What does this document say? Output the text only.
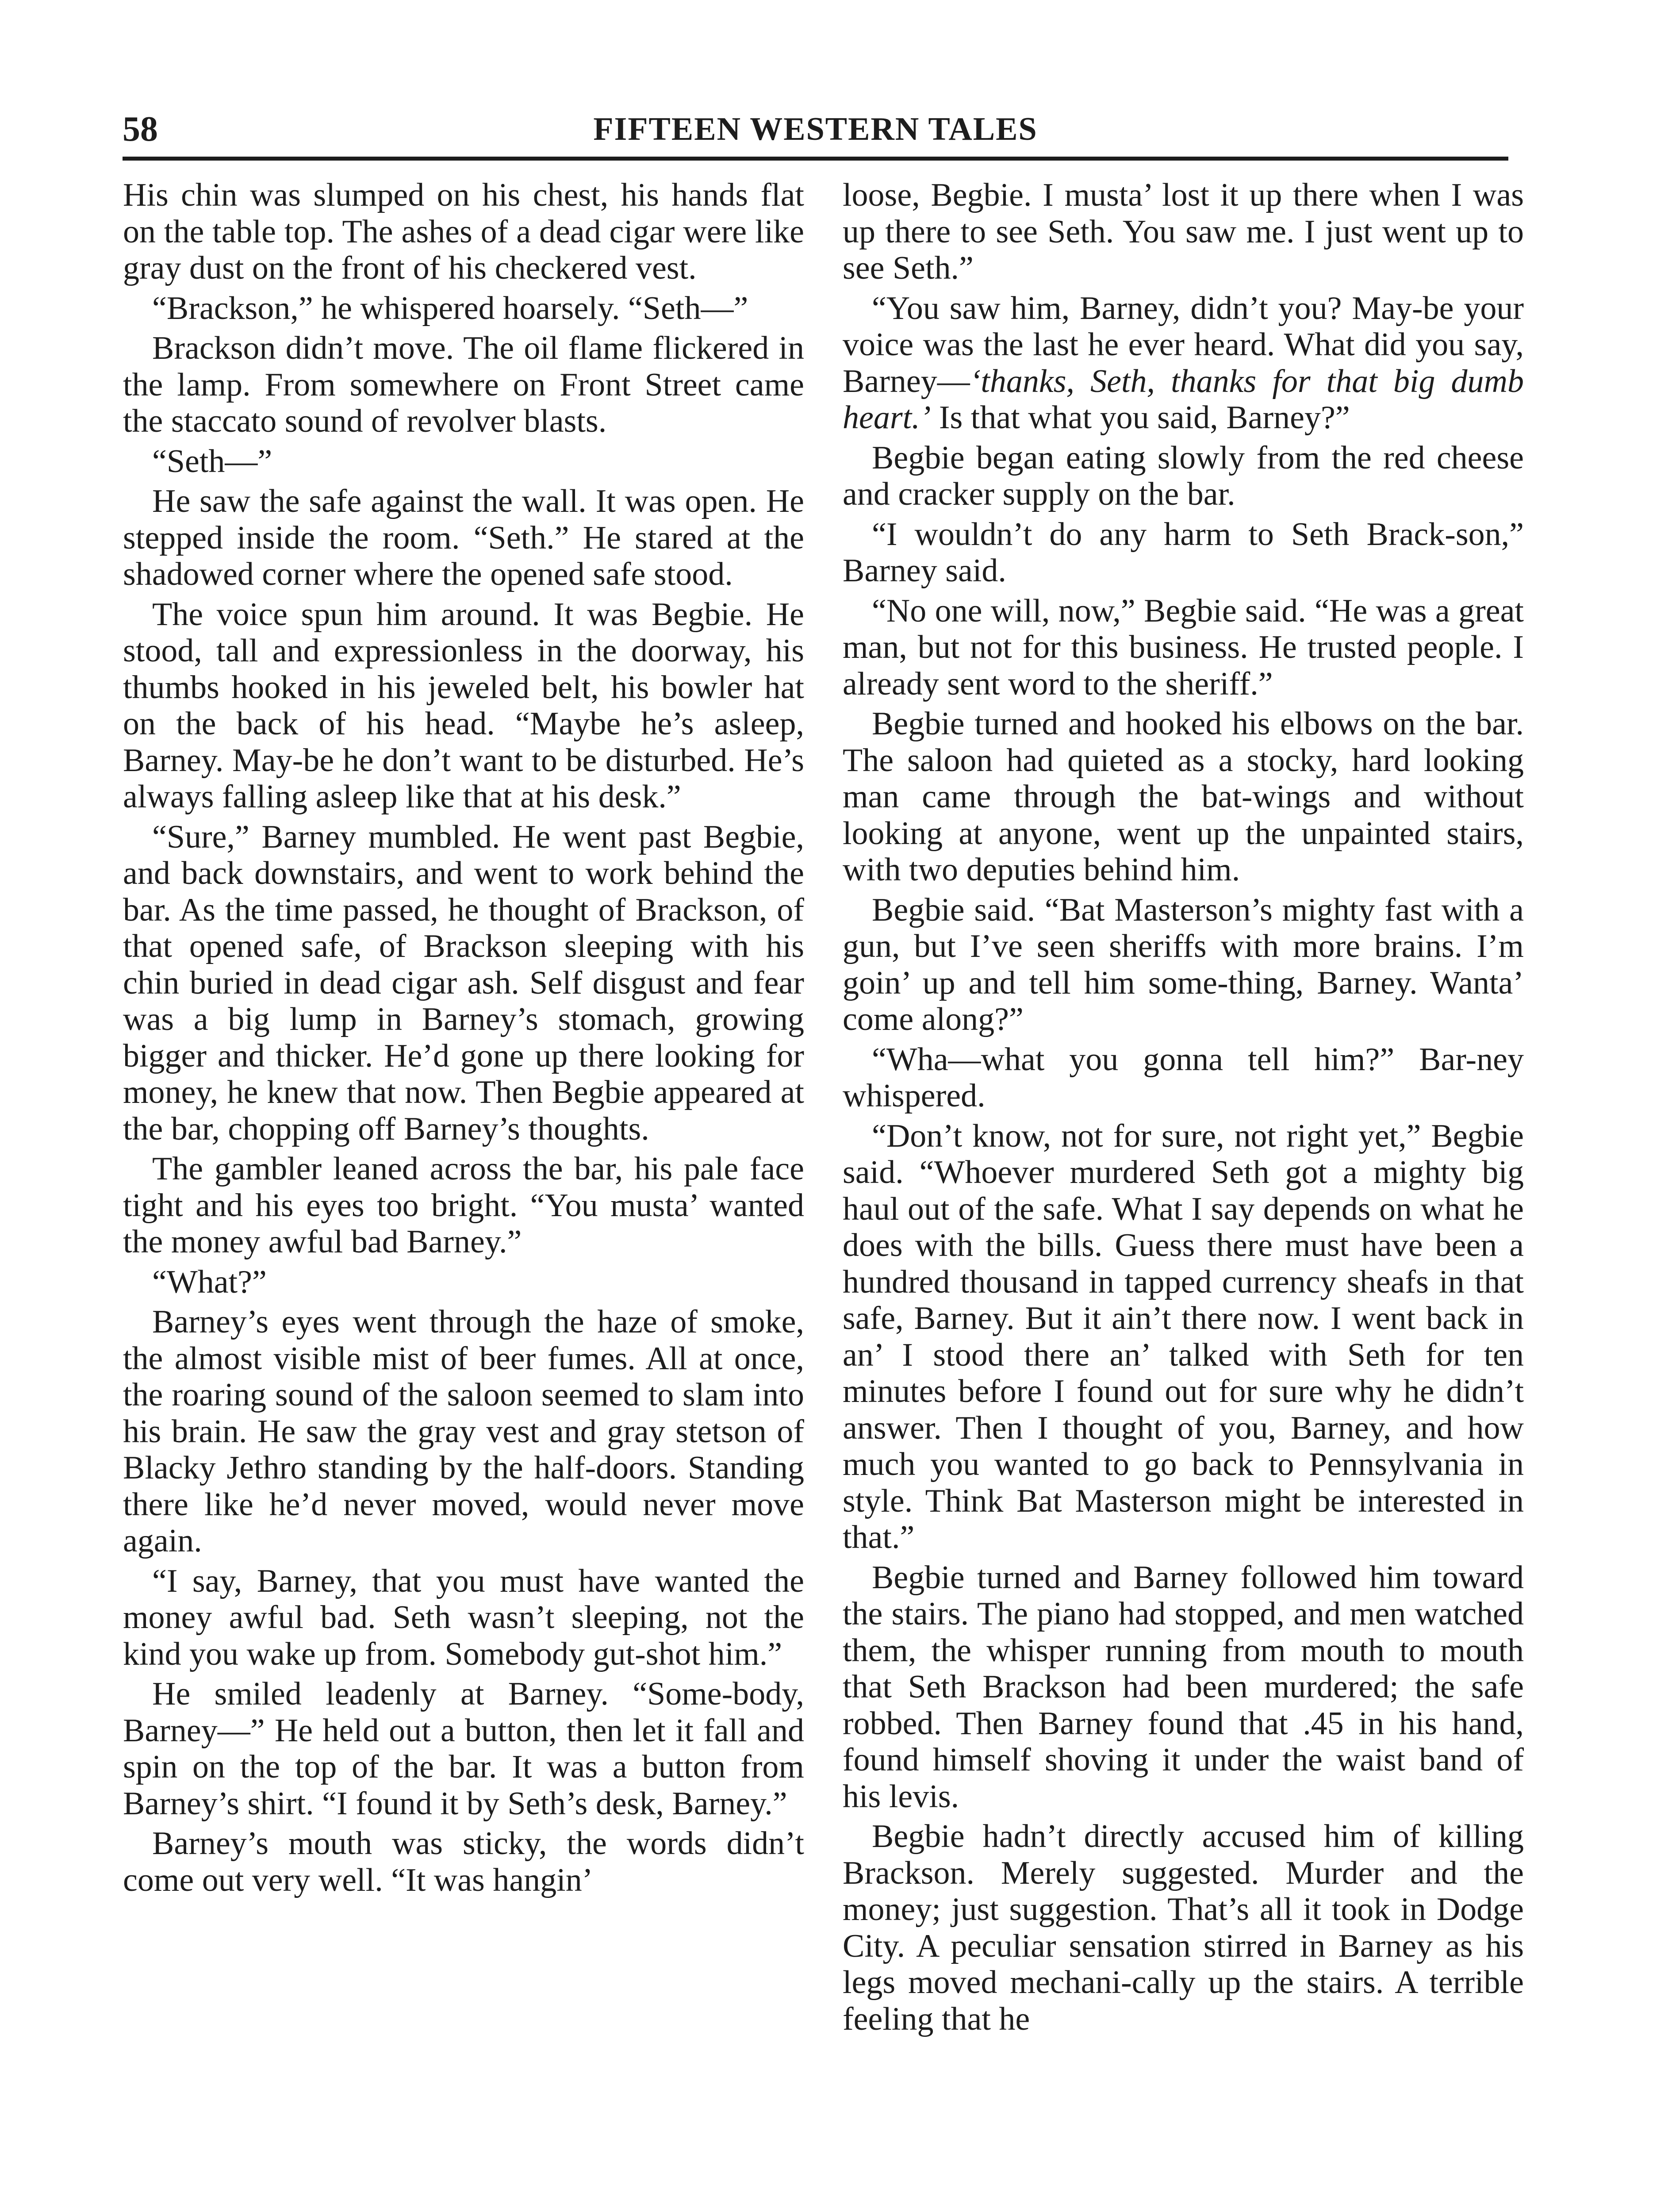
58	FIFTEEN WESTERN TALES

His chin was slumped on his chest, his hands flat on the table top. The ashes of a dead cigar were like gray dust on the front of his checkered vest.

“Brackson,” he whispered hoarsely. “Seth—”

Brackson didn’t move. The oil flame flickered in the lamp. From somewhere on Front Street came the staccato sound of revolver blasts.

“Seth—”

He saw the safe against the wall. It was open. He stepped inside the room. “Seth.” He stared at the shadowed corner where the opened safe stood.

The voice spun him around. It was Begbie. He stood, tall and expressionless in the doorway, his thumbs hooked in his jeweled belt, his bowler hat on the back of his head. “Maybe he’s asleep, Barney. May-be he don’t want to be disturbed. He’s always falling asleep like that at his desk.”

“Sure,” Barney mumbled. He went past Begbie, and back downstairs, and went to work behind the bar. As the time passed, he thought of Brackson, of that opened safe, of Brackson sleeping with his chin buried in dead cigar ash. Self disgust and fear was a big lump in Barney’s stomach, growing bigger and thicker. He’d gone up there looking for money, he knew that now. Then Begbie appeared at the bar, chopping off Barney’s thoughts.

The gambler leaned across the bar, his pale face tight and his eyes too bright. “You musta’ wanted the money awful bad Barney.”

“What?”

Barney’s eyes went through the haze of smoke, the almost visible mist of beer fumes. All at once, the roaring sound of the saloon seemed to slam into his brain. He saw the gray vest and gray stetson of Blacky Jethro standing by the half-doors. Standing there like he’d never moved, would never move again.

“I say, Barney, that you must have wanted the money awful bad. Seth wasn’t sleeping, not the kind you wake up from. Somebody gut-shot him.”

He smiled leadenly at Barney. “Some-body, Barney—” He held out a button, then let it fall and spin on the top of the bar. It was a button from Barney’s shirt. “I found it by Seth’s desk, Barney.”

Barney’s mouth was sticky, the words didn’t come out very well. “It was hangin’

loose, Begbie. I musta’ lost it up there when I was up there to see Seth. You saw me. I just went up to see Seth.”

“You saw him, Barney, didn’t you? May-be your voice was the last he ever heard. What did you say, Barney—‘thanks, Seth, thanks for that big dumb heart.’ Is that what you said, Barney?”

Begbie began eating slowly from the red cheese and cracker supply on the bar.

“I wouldn’t do any harm to Seth Brack-son,” Barney said.

“No one will, now,” Begbie said. “He was a great man, but not for this business. He trusted people. I already sent word to the sheriff.”

Begbie turned and hooked his elbows on the bar. The saloon had quieted as a stocky, hard looking man came through the bat-wings and without looking at anyone, went up the unpainted stairs, with two deputies behind him.

Begbie said. “Bat Masterson’s mighty fast with a gun, but I’ve seen sheriffs with more brains. I’m goin’ up and tell him some-thing, Barney. Wanta’ come along?”

“Wha—what you gonna tell him?” Bar-ney whispered.

“Don’t know, not for sure, not right yet,” Begbie said. “Whoever murdered Seth got a mighty big haul out of the safe. What I say depends on what he does with the bills. Guess there must have been a hundred thousand in tapped currency sheafs in that safe, Barney. But it ain’t there now. I went back in an’ I stood there an’ talked with Seth for ten minutes before I found out for sure why he didn’t answer. Then I thought of you, Barney, and how much you wanted to go back to Pennsylvania in style. Think Bat Masterson might be interested in that.”

Begbie turned and Barney followed him toward the stairs. The piano had stopped, and men watched them, the whisper running from mouth to mouth that Seth Brackson had been murdered; the safe robbed. Then Barney found that .45 in his hand, found himself shoving it under the waist band of his levis.

Begbie hadn’t directly accused him of killing Brackson. Merely suggested. Murder and the money; just suggestion. That’s all it took in Dodge City. A peculiar sensation stirred in Barney as his legs moved mechani-cally up the stairs. A terrible feeling that he
